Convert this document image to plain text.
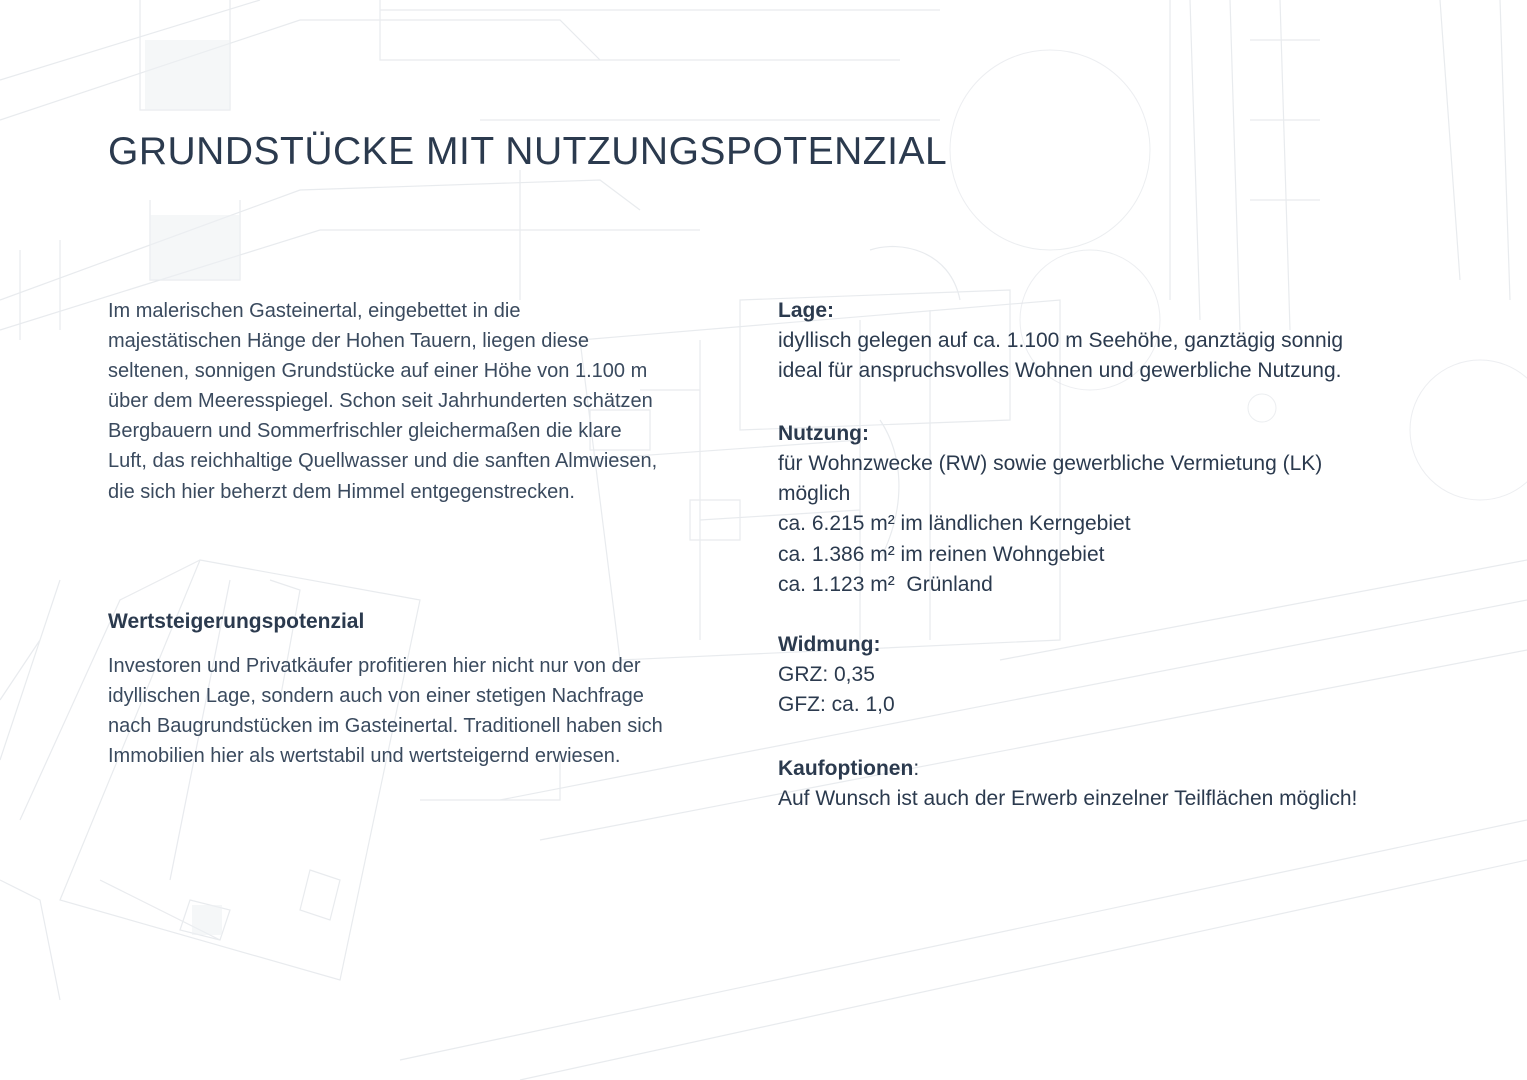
GRUNDSTÜCKE MIT NUTZUNGSPOTENZIAL

Im malerischen Gasteinertal, eingebettet in die majestätischen Hänge der Hohen Tauern, liegen diese seltenen, sonnigen Grundstücke auf einer Höhe von 1.100 m über dem Meeresspiegel. Schon seit Jahrhunderten schätzen Bergbauern und Sommerfrischler gleichermaßen die klare Luft, das reichhaltige Quellwasser und die sanften Almwiesen, die sich hier beherzt dem Himmel entgegenstrecken.

Wertsteigerungspotenzial

Investoren und Privatkäufer profitieren hier nicht nur von der idyllischen Lage, sondern auch von einer stetigen Nachfrage nach Baugrundstücken im Gasteinertal. Traditionell haben sich Immobilien hier als wertstabil und wertsteigernd erwiesen.

Lage:
idyllisch gelegen auf ca. 1.100 m Seehöhe, ganztägig sonnig
ideal für anspruchsvolles Wohnen und gewerbliche Nutzung.
Nutzung:
für Wohnzwecke (RW) sowie gewerbliche Vermietung (LK) möglich
ca. 6.215 m² im ländlichen Kerngebiet
ca. 1.386 m² im reinen Wohngebiet
ca. 1.123 m²  Grünland
Widmung:
GRZ: 0,35
GFZ: ca. 1,0
Kaufoptionen:
Auf Wunsch ist auch der Erwerb einzelner Teilflächen möglich!
